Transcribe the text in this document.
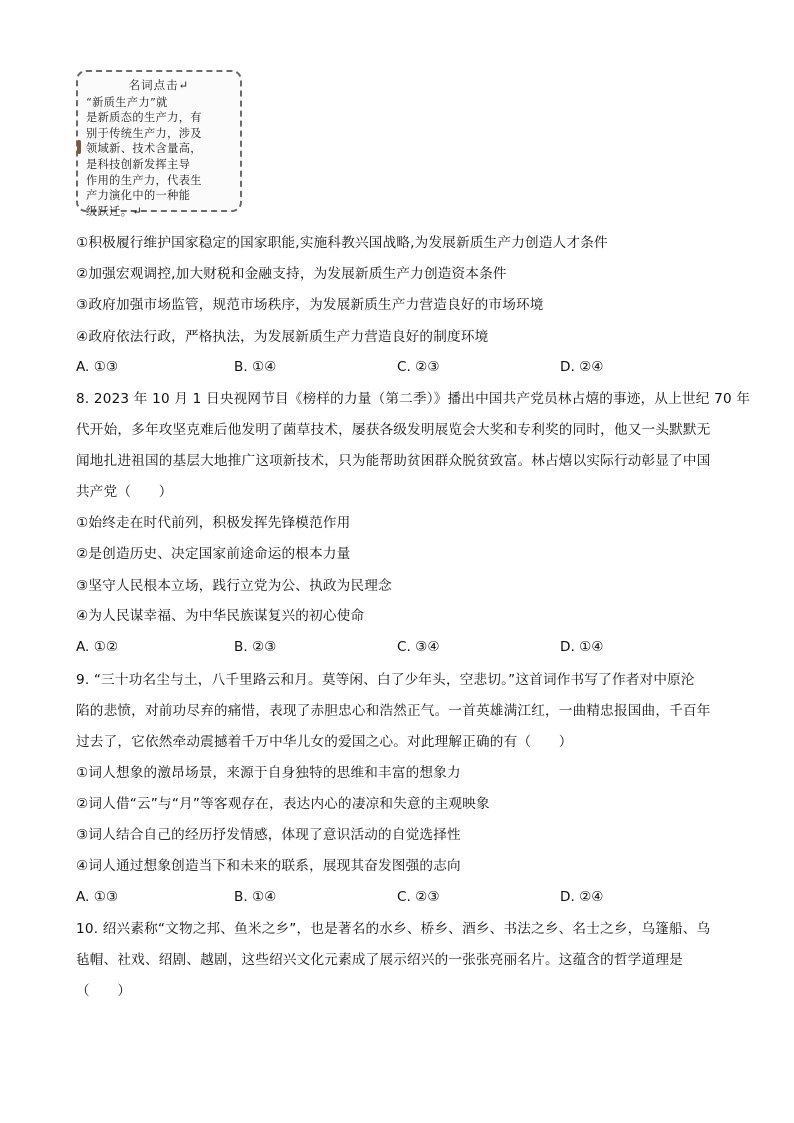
名词点击↵
“新质生产力”就
是新质态的生产力，有
别于传统生产力，涉及
领域新、技术含量高，
是科技创新发挥主导
作用的生产力，代表生
产力演化中的一种能
级跃迁。↵
①积极履行维护国家稳定的国家职能,实施科教兴国战略,为发展新质生产力创造人才条件
②加强宏观调控,加大财税和金融支持，为发展新质生产力创造资本条件
③政府加强市场监管，规范市场秩序，为发展新质生产力营造良好的市场环境
④政府依法行政，严格执法，为发展新质生产力营造良好的制度环境
A. ①③	B. ①④	C. ②③	D. ②④
8. 2023 年 10 月 1 日央视网节目《榜样的力量（第二季）》播出中国共产党员林占熺的事迹，从上世纪 70 年
代开始，多年攻坚克难后他发明了菌草技术，屡获各级发明展览会大奖和专利奖的同时，他又一头默默无
闻地扎进祖国的基层大地推广这项新技术，只为能帮助贫困群众脱贫致富。林占熺以实际行动彰显了中国
共产党（　　）
①始终走在时代前列，积极发挥先锋模范作用
②是创造历史、决定国家前途命运的根本力量
③坚守人民根本立场，践行立党为公、执政为民理念
④为人民谋幸福、为中华民族谋复兴的初心使命
A. ①②	B. ②③	C. ③④	D. ①④
9. “三十功名尘与土，八千里路云和月。莫等闲、白了少年头，空悲切。”这首词作书写了作者对中原沦
陷的悲愤，对前功尽弃的痛惜，表现了赤胆忠心和浩然正气。一首英雄满江红，一曲精忠报国曲，千百年
过去了，它依然牵动震撼着千万中华儿女的爱国之心。对此理解正确的有（　　）
①词人想象的激昂场景，来源于自身独特的思维和丰富的想象力
②词人借“云”与“月”等客观存在，表达内心的凄凉和失意的主观映象
③词人结合自己的经历抒发情感，体现了意识活动的自觉选择性
④词人通过想象创造当下和未来的联系，展现其奋发图强的志向
A. ①③	B. ①④	C. ②③	D. ②④
10. 绍兴素称“文物之邦、鱼米之乡”，也是著名的水乡、桥乡、酒乡、书法之乡、名士之乡，乌篷船、乌
毡帽、社戏、绍剧、越剧，这些绍兴文化元素成了展示绍兴的一张张亮丽名片。这蕴含的哲学道理是
（　　）
